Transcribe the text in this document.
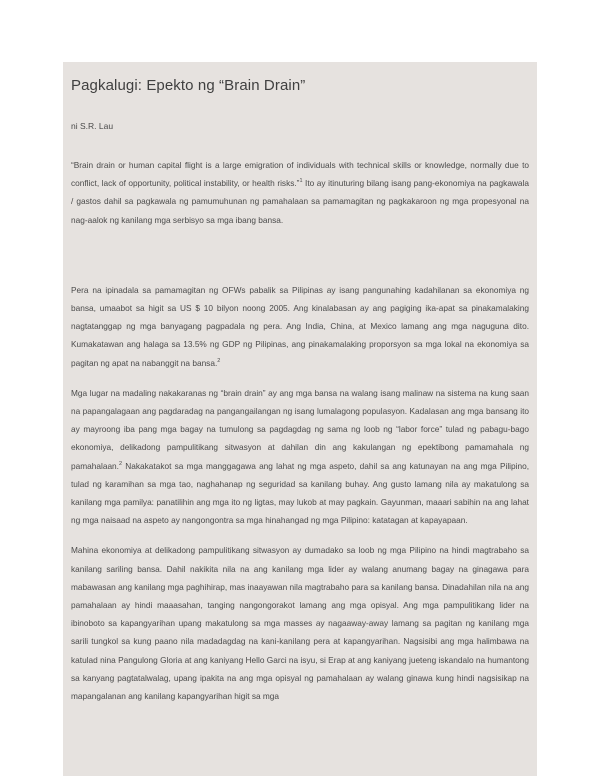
Pagkalugi: Epekto ng “Brain Drain”
ni S.R. Lau

“Brain drain or human capital flight is a large emigration of individuals with technical skills or knowledge, normally due to conflict, lack of opportunity, political instability, or health risks.”$^1$ Ito ay itinuturing bilang isang pang-ekonomiya na pagkawala / gastos dahil sa pagkawala ng pamumuhunan ng pamahalaan sa pamamagitan ng pagkakaroon ng mga propesyonal na nag-aalok ng kanilang mga serbisyo sa mga ibang bansa.

Pera na ipinadala sa pamamagitan ng OFWs pabalik sa Pilipinas ay isang pangunahing kadahilanan sa ekonomiya ng bansa, umaabot sa higit sa US $ 10 bilyon noong 2005. Ang kinalabasan ay ang pagiging ika-apat sa pinakamalaking nagtatanggap ng mga banyagang pagpadala ng pera. Ang India, China, at Mexico lamang ang mga naguguna dito. Kumakatawan ang halaga sa 13.5% ng GDP ng Pilipinas, ang pinakamalaking proporsyon sa mga lokal na ekonomiya sa pagitan ng apat na nabanggit na bansa.$^2$

Mga lugar na madaling nakakaranas ng “brain drain” ay ang mga bansa na walang isang malinaw na sistema na kung saan na papangalagaan ang pagdaradag na pangangailangan ng isang lumalagong populasyon. Kadalasan ang mga bansang ito ay mayroong iba pang mga bagay na tumulong sa pagdagdag ng sama ng loob ng “labor force” tulad ng pabagu-bago ekonomiya, delikadong pampulitikang sitwasyon at dahilan din ang kakulangan ng epektibong pamamahala ng pamahalaan.$^2$ Nakakatakot sa mga manggagawa ang lahat ng mga aspeto, dahil sa ang katunayan na ang mga Pilipino, tulad ng karamihan sa mga tao, naghahanap ng seguridad sa kanilang buhay. Ang gusto lamang nila ay makatulong sa kanilang mga pamilya: panatilihin ang mga ito ng ligtas, may lukob at may pagkain. Gayunman, maaari sabihin na ang lahat ng mga naisaad na aspeto ay nangongontra sa mga hinahangad ng mga Pilipino: katatagan at kapayapaan.

Mahina ekonomiya at delikadong pampulitikang sitwasyon ay dumadako sa loob ng mga Pilipino na hindi magtrabaho sa kanilang sariling bansa. Dahil nakikita nila na ang kanilang mga lider ay walang anumang bagay na ginagawa para mabawasan ang kanilang mga paghihirap, mas inaayawan nila magtrabaho para sa kanilang bansa. Dinadahilan nila na ang pamahalaan ay hindi maaasahan, tanging nangongorakot lamang ang mga opisyal. Ang mga pampulitikang lider na ibinoboto sa kapangyarihan upang makatulong sa mga masses ay nagaaway-away lamang sa pagitan ng kanilang mga sarili tungkol sa kung paano nila madadagdag na kani-kanilang pera at kapangyarihan. Nagsisibi ang mga halimbawa na katulad nina Pangulong Gloria at ang kaniyang Hello Garci na isyu, si Erap at ang kaniyang jueteng iskandalo na humantong sa kanyang pagtatalwalag, upang ipakita na ang mga opisyal ng pamahalaan ay walang ginawa kung hindi nagsisikap na mapangalanan ang kanilang kapangyarihan higit sa mga
